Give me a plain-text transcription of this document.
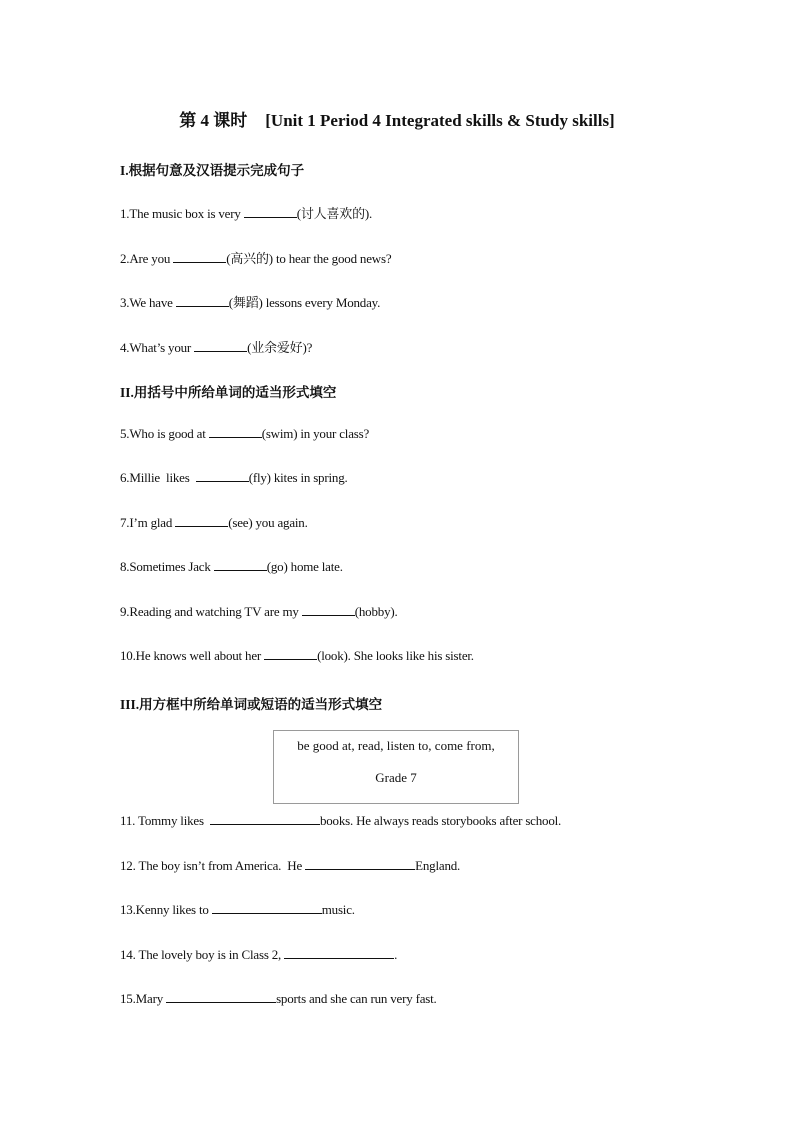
第 4 课时 [Unit 1 Period 4 Integrated skills & Study skills]
I.根据句意及汉语提示完成句子
1.The music box is very	(讨人喜欢的).
2.Are you	(高兴的) to hear the good news?
3.We have	(舞蹈) lessons every Monday.
4.What’s your	(业余爱好)?
II.用括号中所给单词的适当形式填空
5.Who is good at	(swim) in your class?
6.Millie  likes	(fly) kites in spring.
7.I’m glad	(see) you again.
8.Sometimes Jack	(go) home late.
9.Reading and watching TV are my	(hobby).
10.He knows well about her	(look). She looks like his sister.
III.用方框中所给单词或短语的适当形式填空
be good at, read, listen to, come from,
Grade 7
11. Tommy likes	books. He always reads storybooks after school.
12. The boy isn’t from America.  He	England.
13.Kenny likes to	music.
14. The lovely boy is in Class 2,	.
15.Mary	sports and she can run very fast.
